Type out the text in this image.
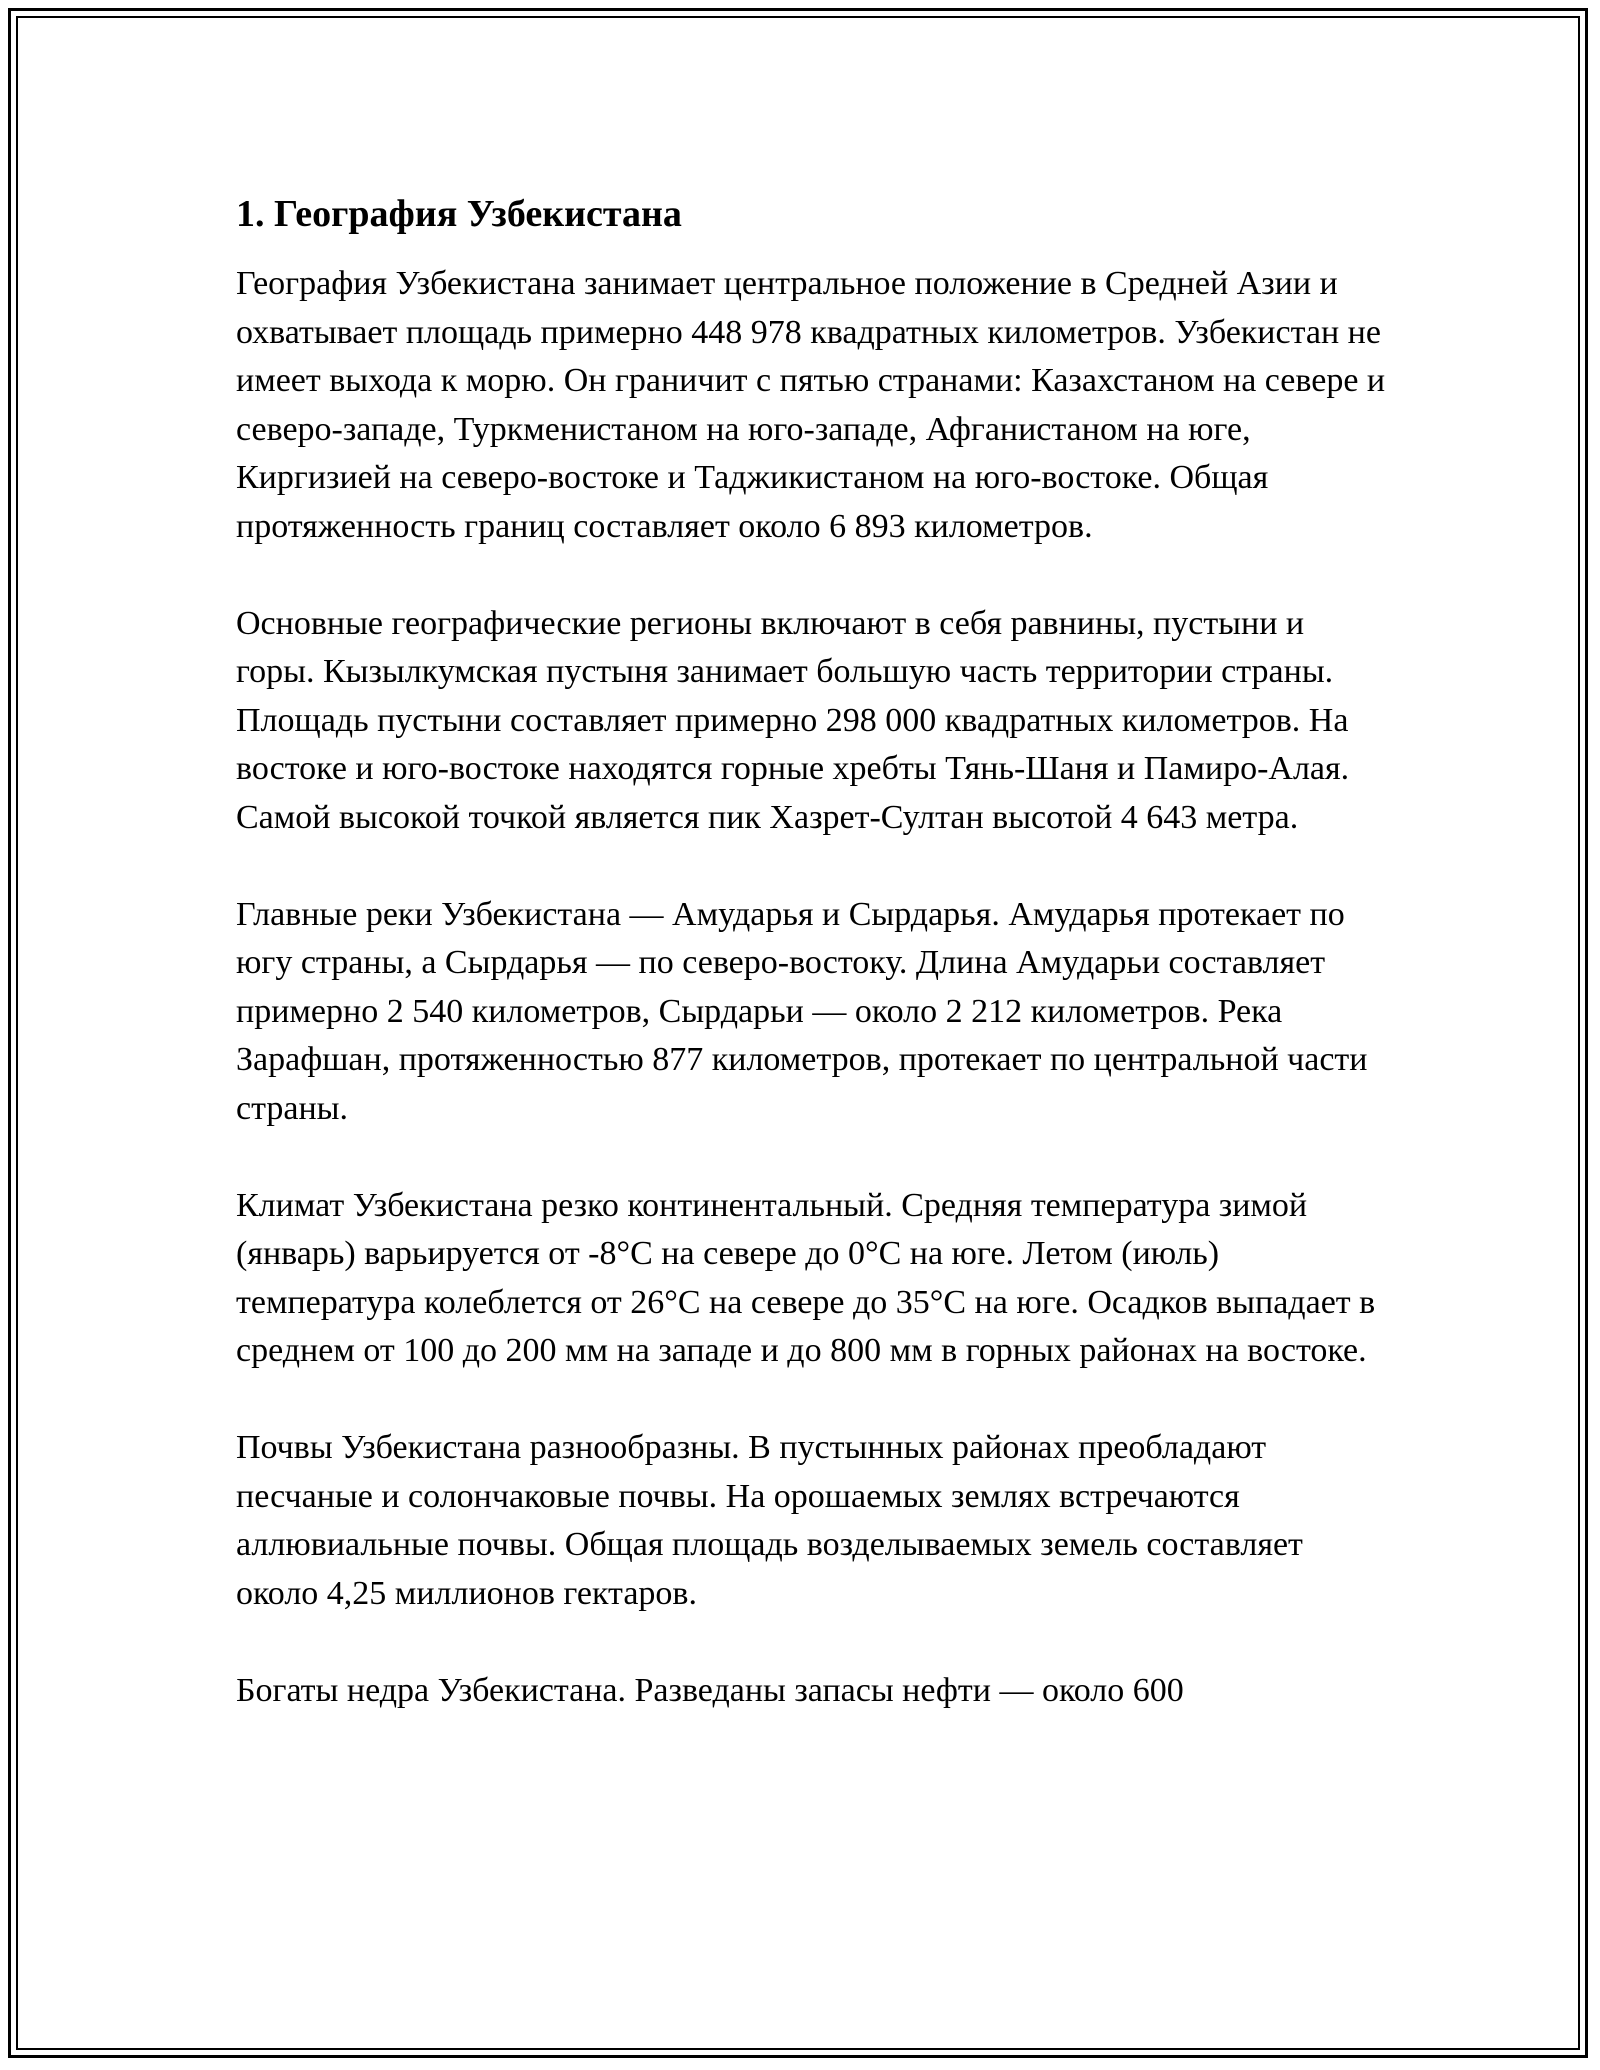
1. География Узбекистана

География Узбекистана занимает центральное положение в Средней Азии и охватывает площадь примерно 448 978 квадратных километров. Узбекистан не имеет выхода к морю. Он граничит с пятью странами: Казахстаном на севере и северо-западе, Туркменистаном на юго-западе, Афганистаном на юге, Киргизией на северо-востоке и Таджикистаном на юго-востоке. Общая протяженность границ составляет около 6 893 километров.

Основные географические регионы включают в себя равнины, пустыни и горы. Кызылкумская пустыня занимает большую часть территории страны. Площадь пустыни составляет примерно 298 000 квадратных километров. На востоке и юго-востоке находятся горные хребты Тянь-Шаня и Памиро-Алая. Самой высокой точкой является пик Хазрет-Султан высотой 4 643 метра.

Главные реки Узбекистана — Амударья и Сырдарья. Амударья протекает по югу страны, а Сырдарья — по северо-востоку. Длина Амударьи составляет примерно 2 540 километров, Сырдарьи — около 2 212 километров. Река Зарафшан, протяженностью 877 километров, протекает по центральной части страны.

Климат Узбекистана резко континентальный. Средняя температура зимой (январь) варьируется от -8°C на севере до 0°C на юге. Летом (июль) температура колеблется от 26°C на севере до 35°C на юге. Осадков выпадает в среднем от 100 до 200 мм на западе и до 800 мм в горных районах на востоке.

Почвы Узбекистана разнообразны. В пустынных районах преобладают песчаные и солончаковые почвы. На орошаемых землях встречаются аллювиальные почвы. Общая площадь возделываемых земель составляет около 4,25 миллионов гектаров.

Богаты недра Узбекистана. Разведаны запасы нефти — около 600
